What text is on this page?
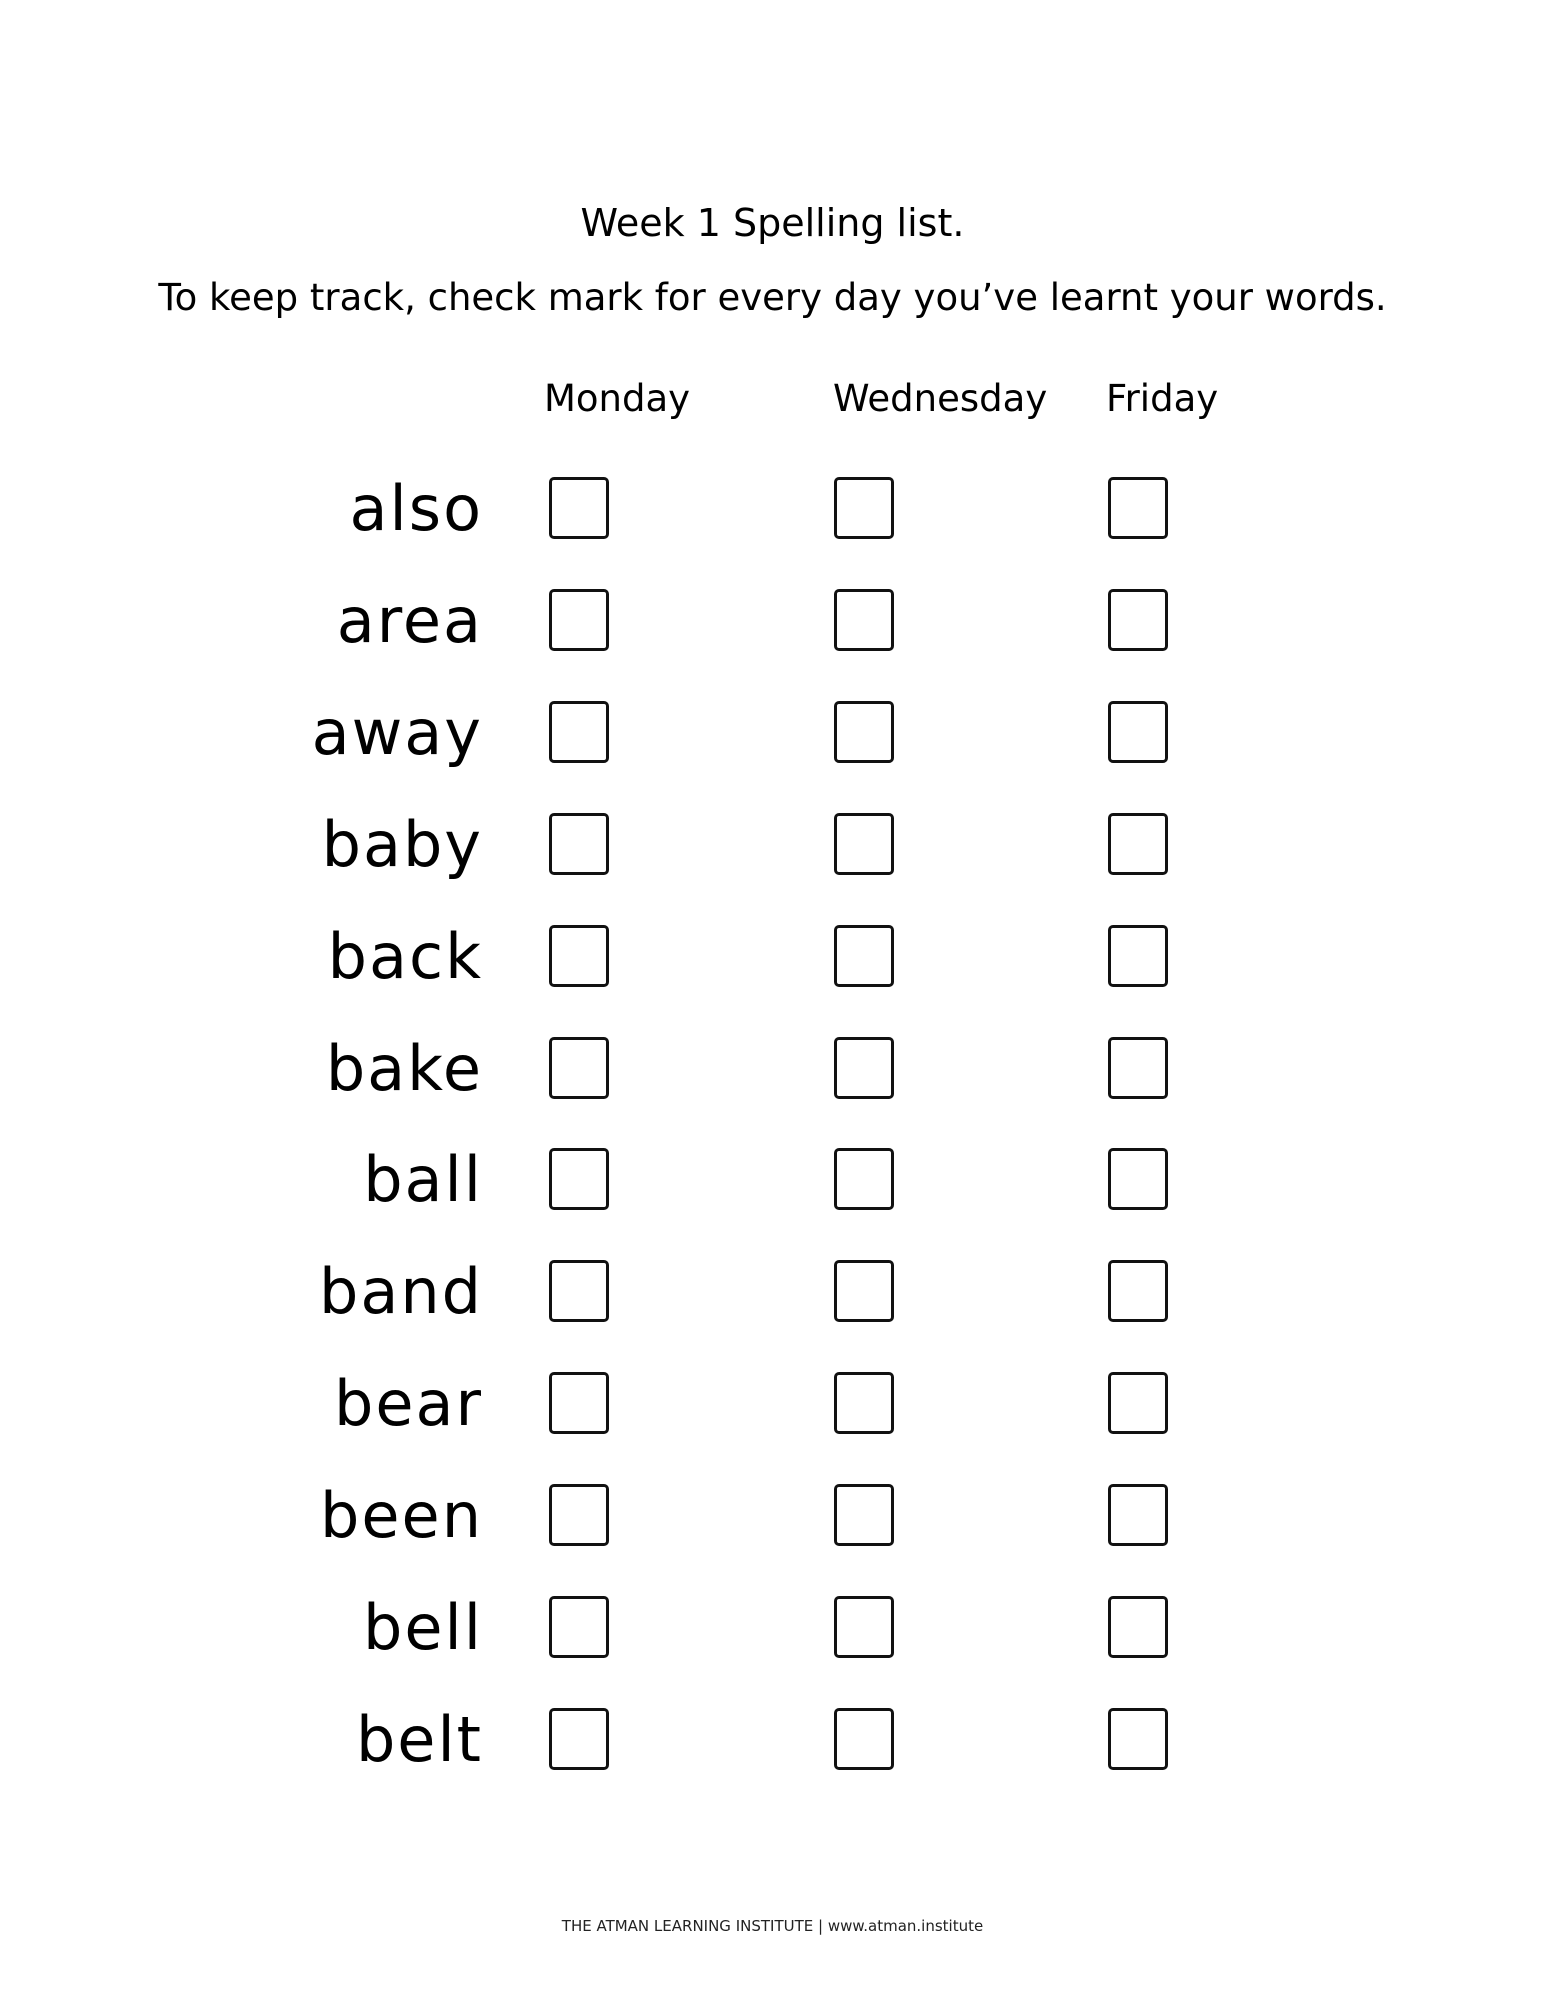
Week 1 Spelling list.
To keep track, check mark for every day you’ve learnt your words.
Monday	Wednesday Friday
also
area
away
baby
back
bake
ball
band
bear
been
bell
belt
THE ATMAN LEARNING INSTITUTE | www.atman.institute
